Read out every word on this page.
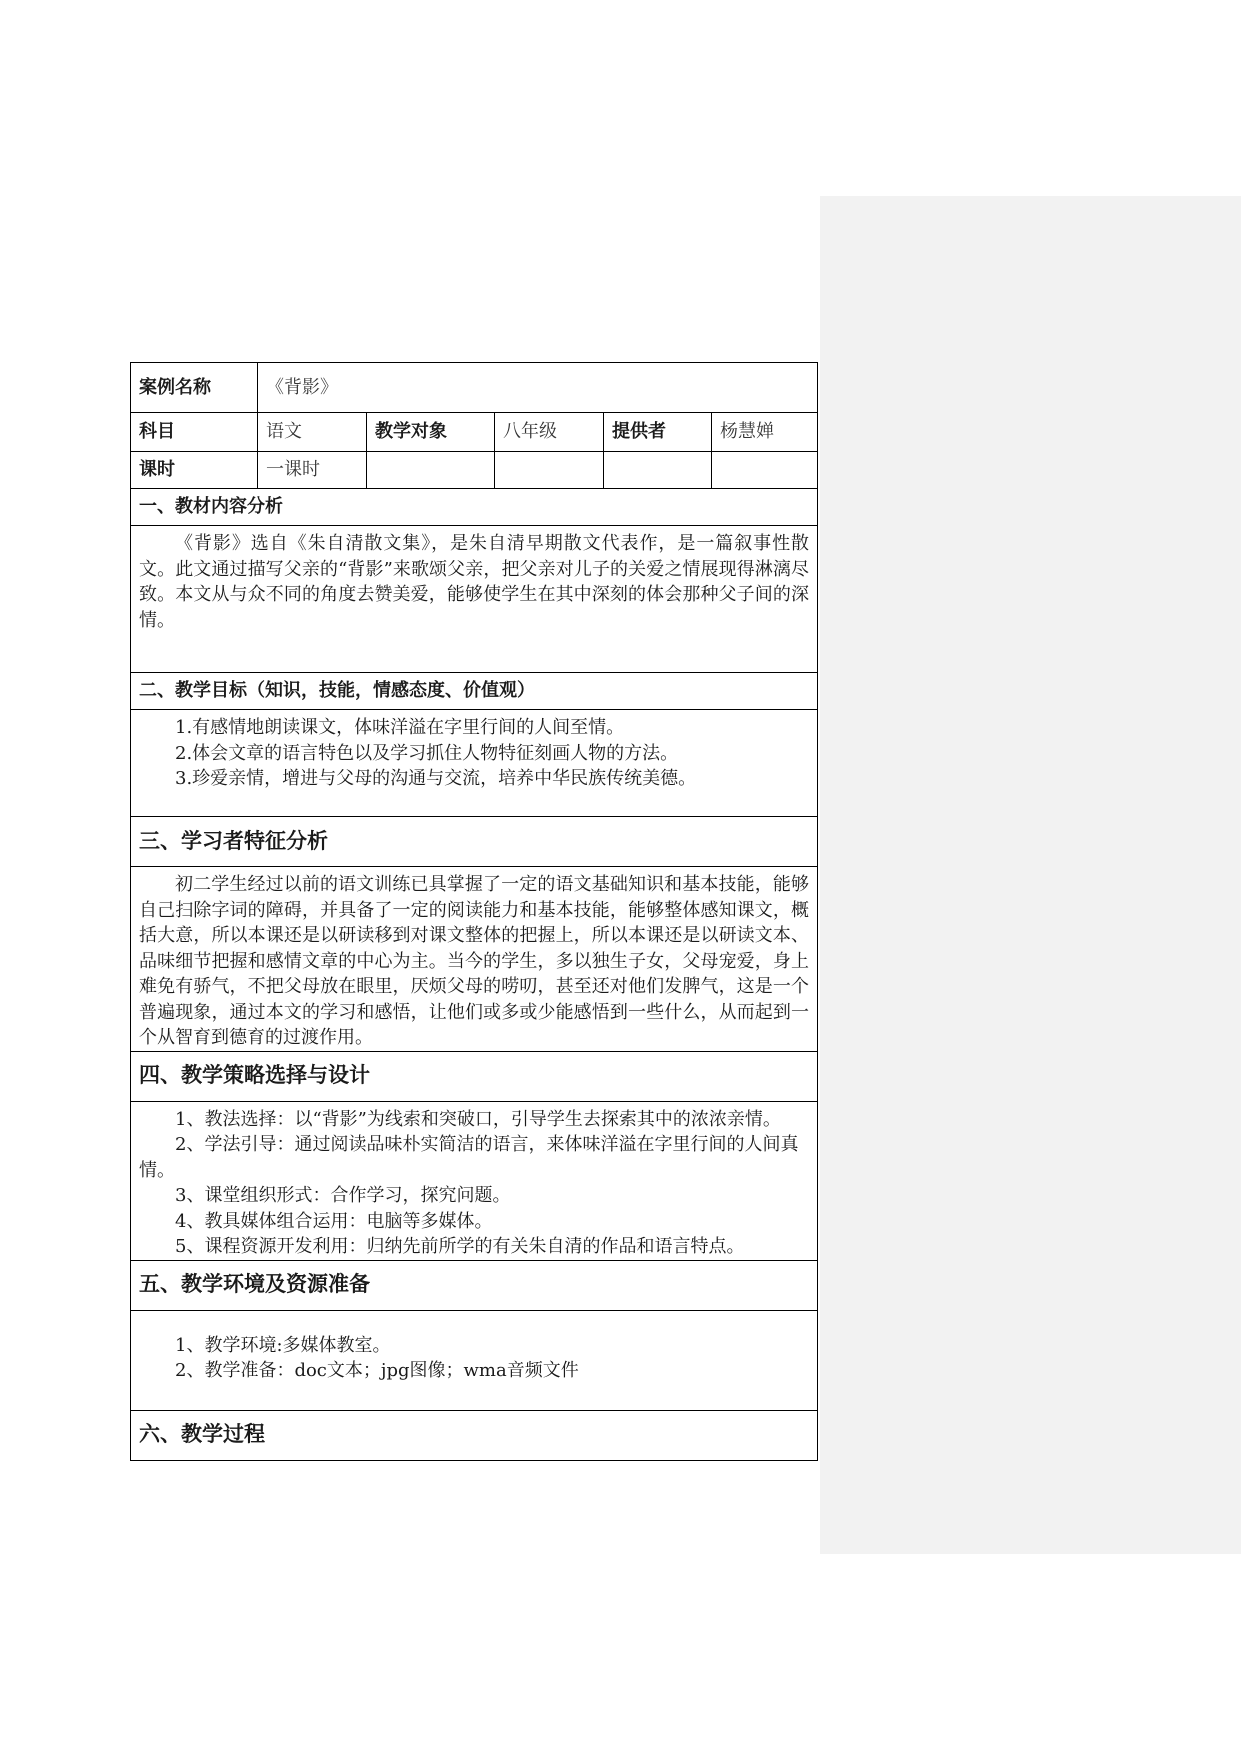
案例名称	《背影》				
科目	语文	教学对象	八年级	提供者	杨慧婵
课时	一课时				
一、教材内容分析					

《背影》选自《朱自清散文集》，是朱自清早期散文代表作，是一篇叙事性散文。此文通过描写父亲的“背影”来歌颂父亲，把父亲对儿子的关爱之情展现得淋漓尽致。本文从与众不同的角度去赞美爱，能够使学生在其中深刻的体会那种父子间的深情。					

二、教学目标（知识，技能，情感态度、价值观）					

1.有感情地朗读课文，体味洋溢在字里行间的人间至情。

2.体会文章的语言特色以及学习抓住人物特征刻画人物的方法。

3.珍爱亲情，增进与父母的沟通与交流，培养中华民族传统美德。					

三、学习者特征分析					

初二学生经过以前的语文训练已具掌握了一定的语文基础知识和基本技能，能够自己扫除字词的障碍，并具备了一定的阅读能力和基本技能，能够整体感知课文，概括大意，所以本课还是以研读移到对课文整体的把握上，所以本课还是以研读文本、品味细节把握和感情文章的中心为主。当今的学生，多以独生子女，父母宠爱，身上难免有骄气，不把父母放在眼里，厌烦父母的唠叨，甚至还对他们发脾气，这是一个普遍现象，通过本文的学习和感悟，让他们或多或少能感悟到一些什么，从而起到一个从智育到德育的过渡作用。					

四、教学策略选择与设计					

1、教法选择：以“背影”为线索和突破口，引导学生去探索其中的浓浓亲情。

2、学法引导：通过阅读品味朴实简洁的语言，来体味洋溢在字里行间的人间真情。

3、课堂组织形式：合作学习，探究问题。

4、教具媒体组合运用：电脑等多媒体。

5、课程资源开发利用：归纳先前所学的有关朱自清的作品和语言特点。					

五、教学环境及资源准备					

1、教学环境:多媒体教室。

2、教学准备：doc文本；jpg图像；wma音频文件					

六、教学过程					
